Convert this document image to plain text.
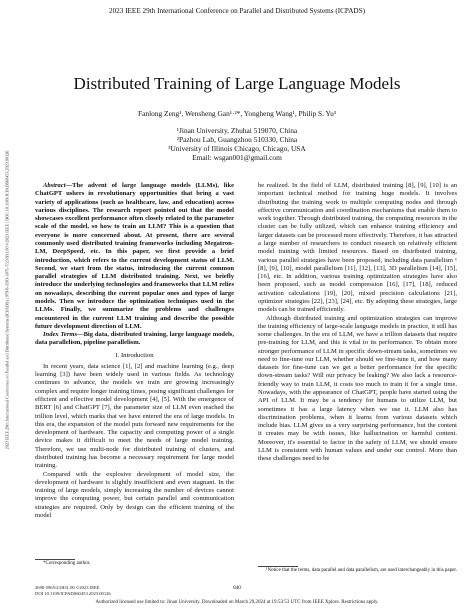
2023 IEEE 29th International Conference on Parallel and Distributed Systems (ICPADS)
2023 IEEE 29th International Conference on Parallel and Distributed Systems (ICPADS) | 979-8-3503-3071-7/23/$31.00 ©2023 IEEE | DOI: 10.1109/ICPADS60453.2023.00126
Distributed Training of Large Language Models
Fanlong Zeng¹, Wensheng Gan¹·²*, Yongheng Wang¹, Philip S. Yu³
¹Jinan University, Zhuhai 519070, China
²Pazhou Lab, Guangzhou 510330, China
³University of Illinois Chicago, Chicago, USA
Email: wsgan001@gmail.com

Abstract—The advent of large language models (LLMs), like ChatGPT ushers in revolutionary opportunities that bring a vast variety of applications (such as healthcare, law, and education) across various disciplines. The research report pointed out that the model showcases excellent performance often closely related to the parameter scale of the model, so how to train an LLM? This is a question that everyone is more concerned about. At present, there are several commonly used distributed training frameworks including Megatron-LM, DeepSpeed, etc. In this paper, we first provide a brief introduction, which refers to the current development status of LLM. Second, we start from the status, introducing the current common parallel strategies of LLM distributed training. Next, we briefly introduce the underlying technologies and frameworks that LLM relies on nowadays, describing the current popular ones and types of large models. Then we introduce the optimization techniques used in the LLMs. Finally, we summarize the problems and challenges encountered in the current LLM training and describe the possible future development direction of LLM.

Index Terms—Big data, distributed training, large language models, data parallelism, pipeline parallelism.

I. Introduction

In recent years, data science [1], [2] and machine learning (e.g., deep learning [3]) have been widely used in various fields. As technology continues to advance, the models we train are growing increasingly complex and require longer training times, posing significant challenges for efficient and effective model development [4], [5]. With the emergence of BERT [6] and ChatGPT [7], the parameter size of LLM even reached the trillion level, which marks that we have entered the era of large models. In this era, the expansion of the model puts forward new requirements for the development of hardware. The capacity and computing power of a single device makes it difficult to meet the needs of large model training. Therefore, we use multi-node for distributed training of clusters, and distributed training has become a necessary requirement for large model training.

Compared with the explosive development of model size, the development of hardware is slightly insufficient and even stagnant. In the training of large models, simply increasing the number of devices cannot improve the computing power, but certain parallel and communication strategies are required. Only by design can the efficient training of the model

*Corresponding author.

be realized. In the field of LLM, distributed training [8], [9], [10] is an important technical method for training huge models. It involves distributing the training work to multiple computing nodes and through effective communication and coordination mechanisms that enable them to work together. Through distributed training, the computing resources in the cluster can be fully utilized, which can enhance training efficiency and larger datasets can be processed more effectively. Therefore, it has attracted a large number of researchers to conduct research on relatively efficient model training with limited resources. Based on distributed training, various parallel strategies have been proposed, including data parallelism ¹ [8], [9], [10], model parallelism [11], [12], [13], 3D parallelism [14], [15], [16], etc. In addition, various training optimization strategies have also been proposed, such as model compression [16], [17], [18], reduced activation calculations [19], [20], mixed precision calculations [21], optimizer strategies [22], [23], [24], etc. By adopting these strategies, large models can be trained efficiently.

Although distributed training and optimization strategies can improve the training efficiency of large-scale language models in practice, it still has some challenges. In the era of LLM, we have a trillion datasets that require pre-training for LLM, and this is vital to its performance. To obtain more stronger performance of LLM in specific down-stream tasks, sometimes we need to fine-tune our LLM, whether should we fine-tune it, and how many datasets for fine-tune can we get a better performance for the specific down-stream tasks? Will our privacy be leaking? We also lack a resource-friendly way to train LLM, it costs too much to train it for a single time. Nowadays, with the appearance of ChatGPT, people have started using the API of LLM. It may be a tendency for humans to utilize LLM, but sometimes it has a large latency when we use it. LLM also has discrimination problems, when it learns from various datasets which include bias. LLM gives us a very surprising performance, but the content it creates may be with issues, like hallucination or harmful content. Moreover, it's essential to factor in the safety of LLM, we should ensure LLM is consistent with human values and under our control. More than these challenges need to be

¹Notice that the terms, data parallel and data parallelism, are used interchangeably in this paper.
2690-5965/23/$31.00 ©2023 IEEE
DOI 10.1109/ICPADS60453.2023.00126
840
Authorized licensed use limited to: Jinan University. Downloaded on March 29,2024 at 19:53:53 UTC from IEEE Xplore. Restrictions apply.
